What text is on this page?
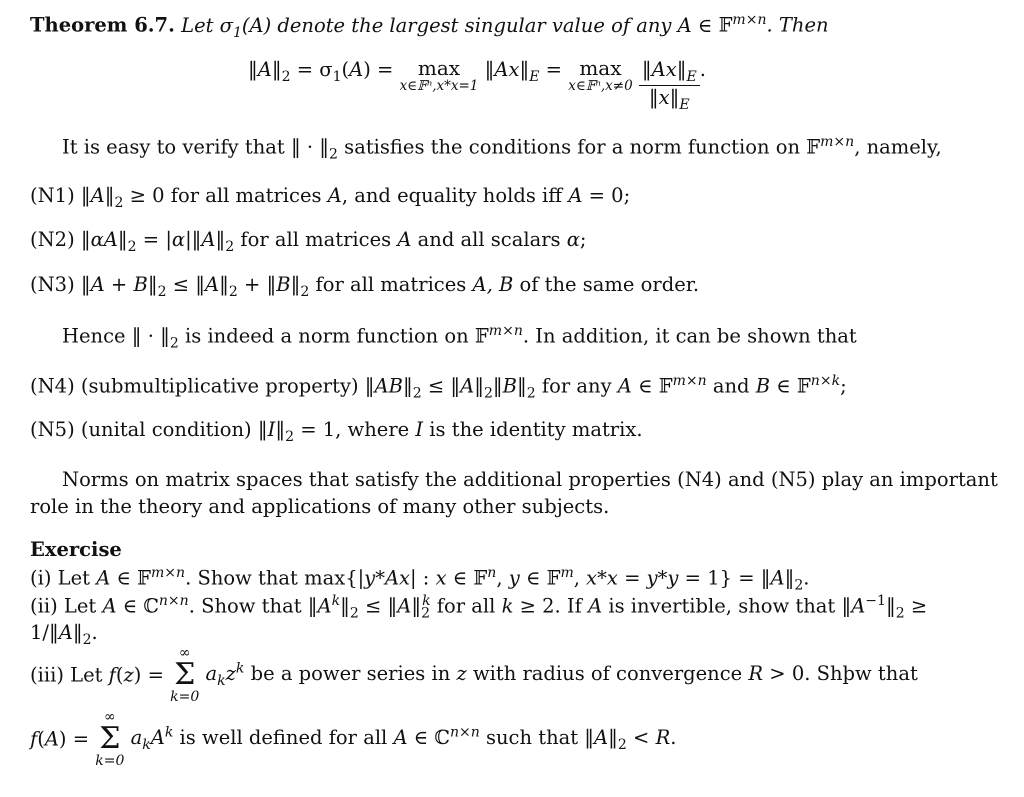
Theorem 6.7. Let $\sigma_1(A)$ denote the largest singular value of any A ∈ 𝔽$^{m\times n}$. Then
$‖A‖_2 = \sigma_1(A) = \max$
x∈𝔽ⁿ,x*x=1
$‖Ax‖_E = \max$
x∈𝔽ⁿ,x≠0
$\frac{‖Ax‖_E}{‖x‖_E}$ .
It is easy to verify that ‖ · $‖_2$ satisfies the conditions for a norm function on 𝔽$^{m\times n}$, namely,
(N1) $‖A‖_2 \ge 0$ for all matrices A, and equality holds iff A = 0;
(N2) $‖\alpha A‖_2$ = $|\alpha|‖A‖_2$ for all matrices A and all scalars α;
(N3) ‖A + $B‖_2$ ≤ $‖A‖_2$ + $‖B‖_2$ for all matrices A, B of the same order.
Hence ‖ · $‖_2$ is indeed a norm function on 𝔽$^{m\times n}$. In addition, it can be shown that
(N4) (submultiplicative property) $‖AB‖_2$ ≤ $‖A‖_2‖B‖_2$ for any A ∈ 𝔽$^{m\times n}$ and B ∈ 𝔽$^{n\times k}$;
(N5) (unital condition) $‖I‖_2 = 1$, where I is the identity matrix.
Norms on matrix spaces that satisfy the additional properties (N4) and (N5) play an important
role in the theory and applications of many other subjects.
Exercise
(i) Let A ∈ 𝔽$^{m\times n}$. Show that max{|y*Ax| : x ∈ 𝔽$^n$, y ∈ 𝔽$^m$, $x*x = y*y = 1\} = ‖A‖_2$.
(ii) Let A ∈ ℂ$^{n\times n}$. Show that $‖A^k‖_2$ ≤ $‖A‖_2^k$ for all k ≥ 2. If A is invertible, show that $‖A^{-1}‖_2$ ≥
$1/‖A‖_2$.
(iii) Let f(z) =
∞
Σ
k=0
$a_kz^k$ be a power series in z with radius of convergence R > 0. Shþw that
f(A) =
∞
Σ
k=0
$a_kA^k$ is well defined for all A ∈ ℂ$^{n\times n}$ such that $‖A‖_2 < R$.
